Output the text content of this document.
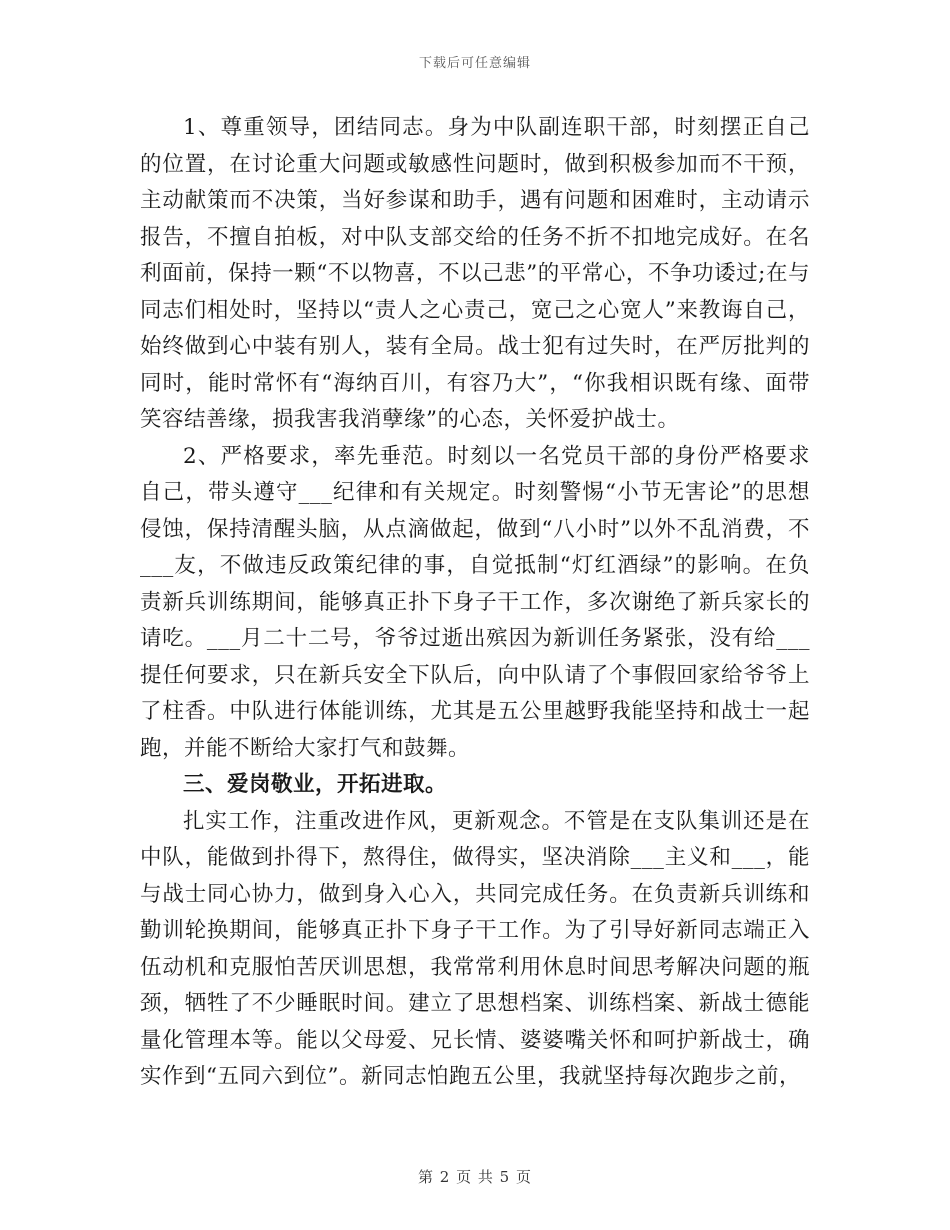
下载后可任意编辑

1、尊重领导，团结同志。身为中队副连职干部，时刻摆正自己的位置，在讨论重大问题或敏感性问题时，做到积极参加而不干预，主动献策而不决策，当好参谋和助手，遇有问题和困难时，主动请示报告，不擅自拍板，对中队支部交给的任务不折不扣地完成好。在名利面前，保持一颗“不以物喜，不以己悲”的平常心，不争功诿过;在与同志们相处时，坚持以“责人之心责己，宽己之心宽人”来教诲自己，始终做到心中装有别人，装有全局。战士犯有过失时，在严厉批判的同时，能时常怀有“海纳百川，有容乃大”，“你我相识既有缘、面带笑容结善缘，损我害我消孽缘”的心态，关怀爱护战士。

2、严格要求，率先垂范。时刻以一名党员干部的身份严格要求自己，带头遵守___纪律和有关规定。时刻警惕“小节无害论”的思想侵蚀，保持清醒头脑，从点滴做起，做到“八小时”以外不乱消费，不___友，不做违反政策纪律的事，自觉抵制“灯红酒绿”的影响。在负责新兵训练期间，能够真正扑下身子干工作，多次谢绝了新兵家长的请吃。___月二十二号，爷爷过逝出殡因为新训任务紧张，没有给___提任何要求，只在新兵安全下队后，向中队请了个事假回家给爷爷上了柱香。中队进行体能训练，尤其是五公里越野我能坚持和战士一起跑，并能不断给大家打气和鼓舞。

三、爱岗敬业，开拓进取。

扎实工作，注重改进作风，更新观念。不管是在支队集训还是在中队，能做到扑得下，熬得住，做得实，坚决消除___主义和___，能与战士同心协力，做到身入心入，共同完成任务。在负责新兵训练和勤训轮换期间，能够真正扑下身子干工作。为了引导好新同志端正入伍动机和克服怕苦厌训思想，我常常利用休息时间思考解决问题的瓶颈，牺牲了不少睡眠时间。建立了思想档案、训练档案、新战士德能量化管理本等。能以父母爱、兄长情、婆婆嘴关怀和呵护新战士，确实作到“五同六到位”。新同志怕跑五公里，我就坚持每次跑步之前，

第 2 页 共 5 页
